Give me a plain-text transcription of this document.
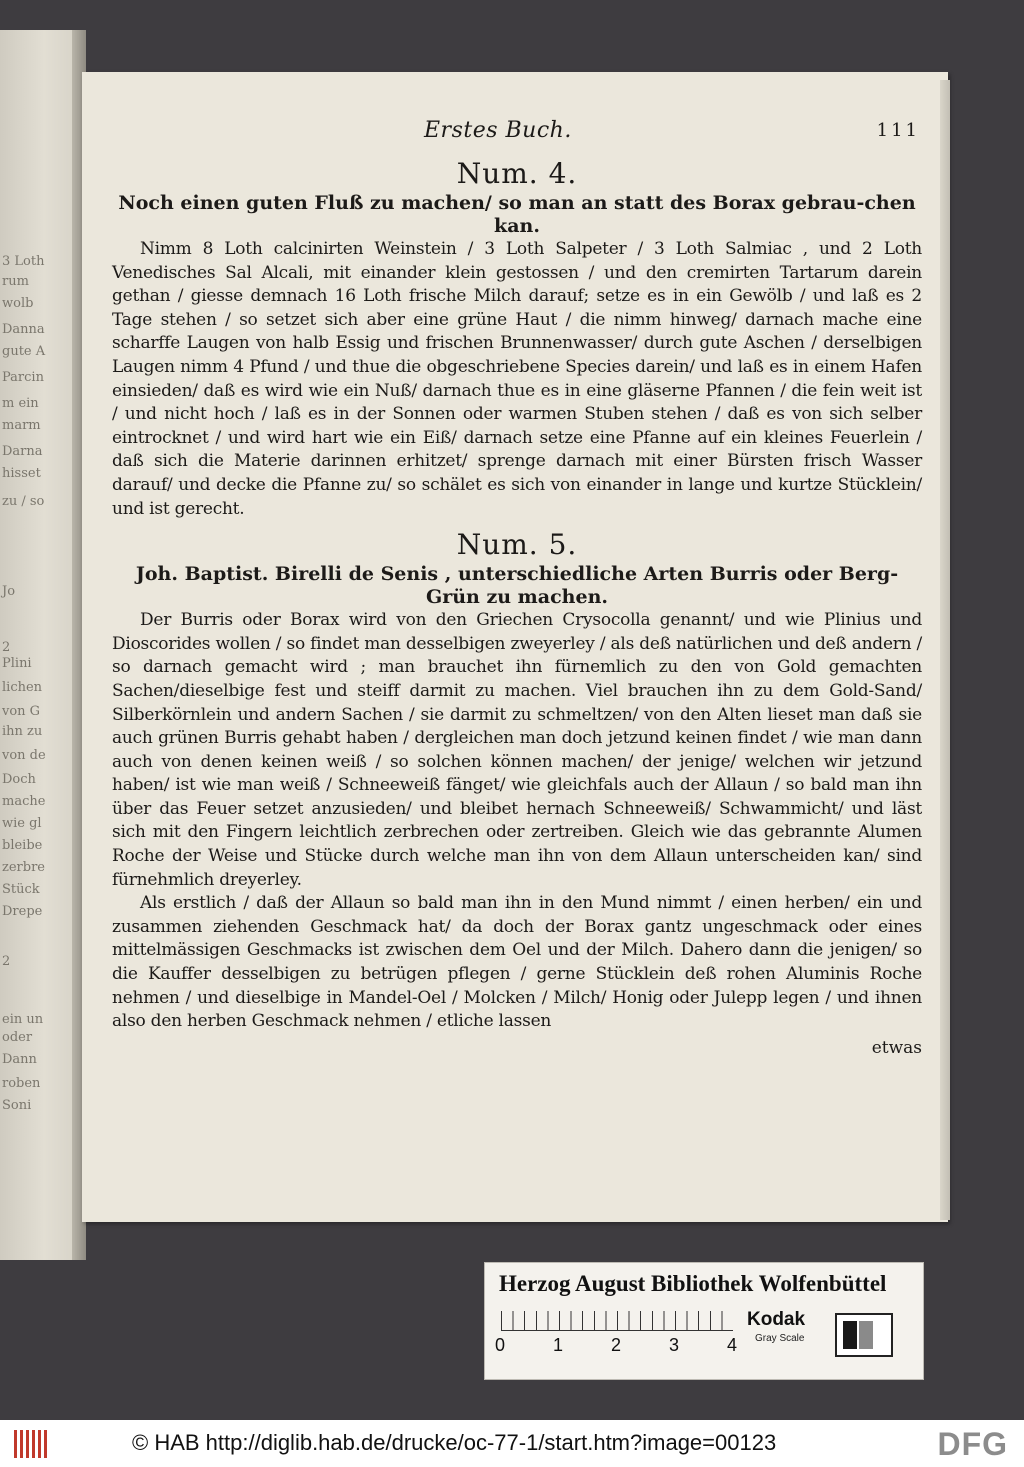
3 Loth
rum
wolb
Danna
gute A
Parcin
m ein
marm
Darna
hisset
zu / so
Jo
2
Plini
lichen
von G
ihn zu
von de
Doch
mache
wie gl
bleibe
zerbre
Stück
Drepe
2
ein un
oder
Dann
roben
Soni
Erstes Buch.	111
Num. 4.
Noch einen guten Fluß zu machen/ so man an statt des Borax gebrau-chen kan.

Nimm 8 Loth calcinirten Weinstein / 3 Loth Salpeter / 3 Loth Salmiac , und 2 Loth Venedisches Sal Alcali, mit einander klein gestossen / und den cremirten Tartarum darein gethan / giesse demnach 16 Loth frische Milch darauf; setze es in ein Gewölb / und laß es 2 Tage stehen / so setzet sich aber eine grüne Haut / die nimm hinweg/ darnach mache eine scharffe Laugen von halb Essig und frischen Brunnenwasser/ durch gute Aschen / derselbigen Laugen nimm 4 Pfund / und thue die obgeschriebene Species darein/ und laß es in einem Hafen einsieden/ daß es wird wie ein Nuß/ darnach thue es in eine gläserne Pfannen / die fein weit ist / und nicht hoch / laß es in der Sonnen oder warmen Stuben stehen / daß es von sich selber eintrocknet / und wird hart wie ein Eiß/ darnach setze eine Pfanne auf ein kleines Feuerlein / daß sich die Materie darinnen erhitzet/ sprenge darnach mit einer Bürsten frisch Wasser darauf/ und decke die Pfanne zu/ so schälet es sich von einander in lange und kurtze Stücklein/ und ist gerecht.

Num. 5.
Joh. Baptist. Birelli de Senis , unterschiedliche Arten Burris oder Berg-Grün zu machen.

Der Burris oder Borax wird von den Griechen Crysocolla genannt/ und wie Plinius und Dioscorides wollen / so findet man desselbigen zweyerley / als deß natürlichen und deß andern / so darnach gemacht wird ; man brauchet ihn fürnemlich zu den von Gold gemachten Sachen/dieselbige fest und steiff darmit zu machen. Viel brauchen ihn zu dem Gold-Sand/ Silberkörnlein und andern Sachen / sie darmit zu schmeltzen/ von den Alten lieset man daß sie auch grünen Burris gehabt haben / dergleichen man doch jetzund keinen findet / wie man dann auch von denen keinen weiß / so solchen können machen/ der jenige/ welchen wir jetzund haben/ ist wie man weiß / Schneeweiß fänget/ wie gleichfals auch der Allaun / so bald man ihn über das Feuer setzet anzusieden/ und bleibet hernach Schneeweiß/ Schwammicht/ und läst sich mit den Fingern leichtlich zerbrechen oder zertreiben. Gleich wie das gebrannte Alumen Roche der Weise und Stücke durch welche man ihn von dem Allaun unterscheiden kan/ sind fürnehmlich dreyerley.

Als erstlich / daß der Allaun so bald man ihn in den Mund nimmt / einen herben/ ein und zusammen ziehenden Geschmack hat/ da doch der Borax gantz ungeschmack oder eines mittelmässigen Geschmacks ist zwischen dem Oel und der Milch. Dahero dann die jenigen/ so die Kauffer desselbigen zu betrügen pflegen / gerne Stücklein deß rohen Aluminis Roche nehmen / und dieselbige in Mandel-Oel / Molcken / Milch/ Honig oder Julepp legen / und ihnen also den herben Geschmack nehmen / etliche lassen

etwas
Herzog August Bibliothek Wolfenbüttel
0	1	2	3	4
Kodak
Gray Scale
© HAB http://diglib.hab.de/drucke/oc-77-1/start.htm?image=00123	DFG
